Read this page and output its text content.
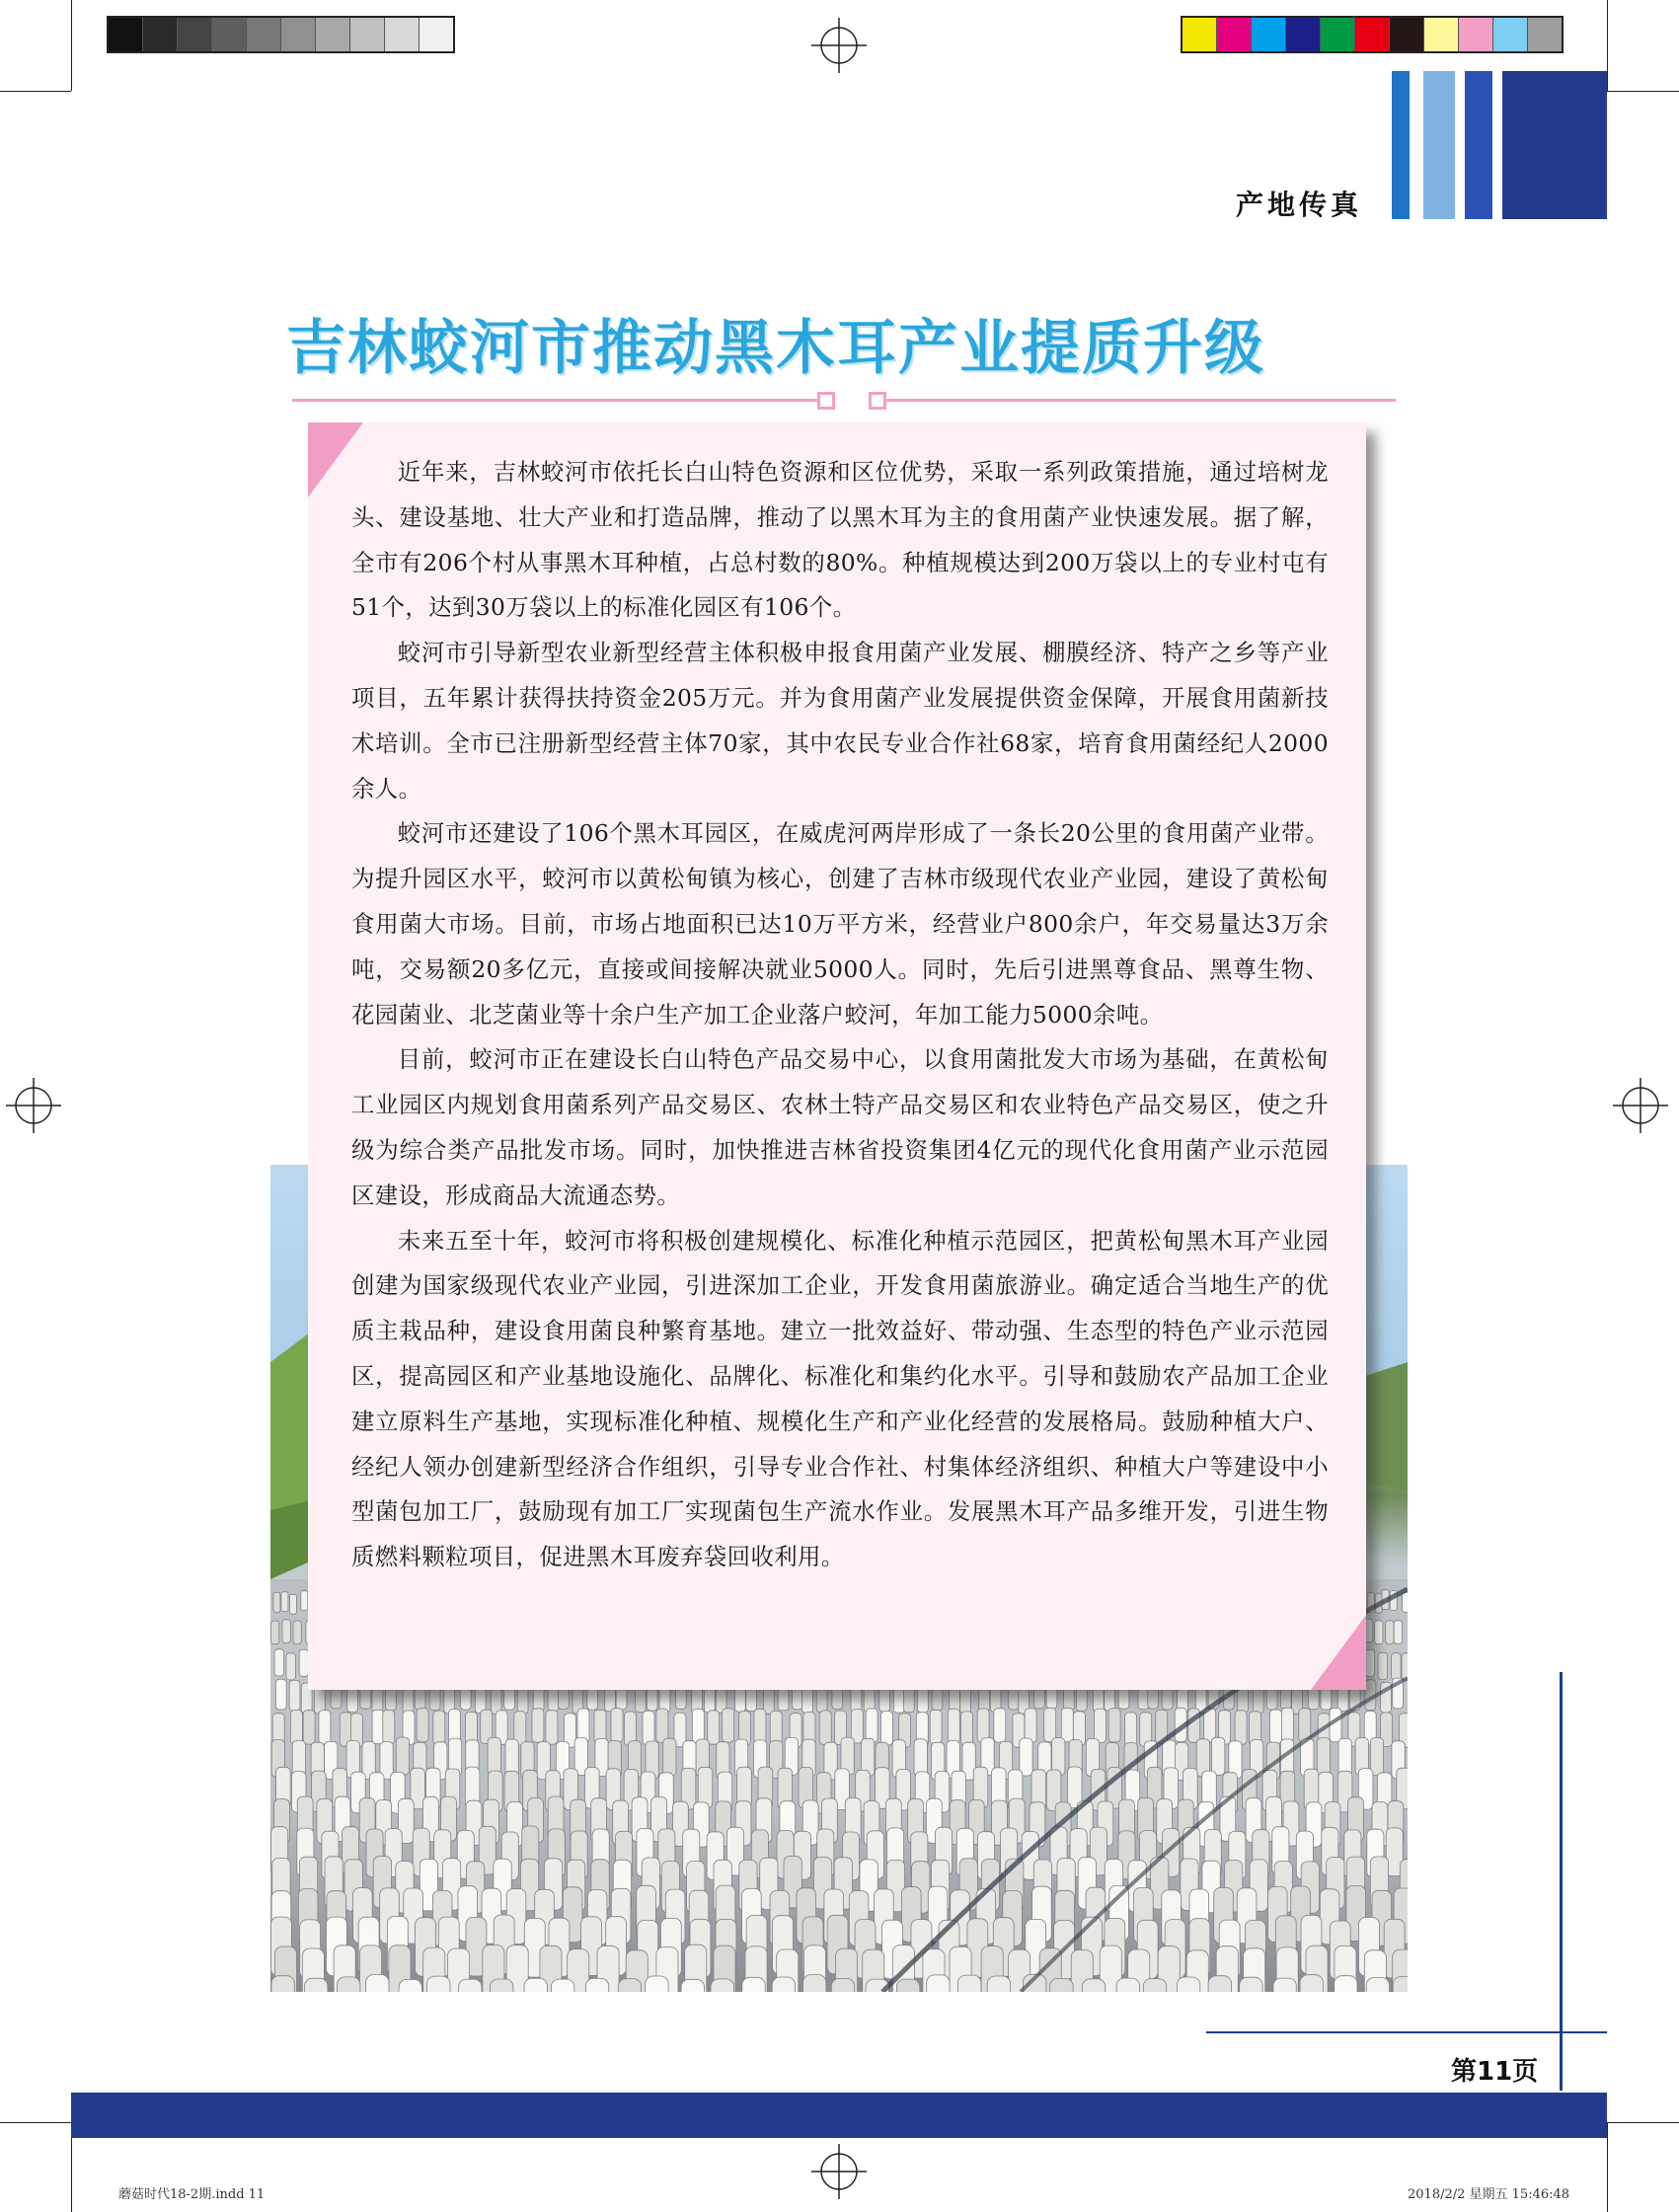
产地传真
吉林蛟河市推动黑木耳产业提质升级

近年来，吉林蛟河市依托长白山特色资源和区位优势，采取一系列政策措施，通过培树龙头、建设基地、壮大产业和打造品牌，推动了以黑木耳为主的食用菌产业快速发展。据了解，全市有206个村从事黑木耳种植，占总村数的80%。种植规模达到200万袋以上的专业村屯有51个，达到30万袋以上的标准化园区有106个。

蛟河市引导新型农业新型经营主体积极申报食用菌产业发展、棚膜经济、特产之乡等产业项目，五年累计获得扶持资金205万元。并为食用菌产业发展提供资金保障，开展食用菌新技术培训。全市已注册新型经营主体70家，其中农民专业合作社68家，培育食用菌经纪人2000余人。

蛟河市还建设了106个黑木耳园区，在威虎河两岸形成了一条长20公里的食用菌产业带。为提升园区水平，蛟河市以黄松甸镇为核心，创建了吉林市级现代农业产业园，建设了黄松甸食用菌大市场。目前，市场占地面积已达10万平方米，经营业户800余户，年交易量达3万余吨，交易额20多亿元，直接或间接解决就业5000人。同时，先后引进黑尊食品、黑尊生物、花园菌业、北芝菌业等十余户生产加工企业落户蛟河，年加工能力5000余吨。

目前，蛟河市正在建设长白山特色产品交易中心，以食用菌批发大市场为基础，在黄松甸工业园区内规划食用菌系列产品交易区、农林土特产品交易区和农业特色产品交易区，使之升级为综合类产品批发市场。同时，加快推进吉林省投资集团4亿元的现代化食用菌产业示范园区建设，形成商品大流通态势。

未来五至十年，蛟河市将积极创建规模化、标准化种植示范园区，把黄松甸黑木耳产业园创建为国家级现代农业产业园，引进深加工企业，开发食用菌旅游业。确定适合当地生产的优质主栽品种，建设食用菌良种繁育基地。建立一批效益好、带动强、生态型的特色产业示范园区，提高园区和产业基地设施化、品牌化、标准化和集约化水平。引导和鼓励农产品加工企业建立原料生产基地，实现标准化种植、规模化生产和产业化经营的发展格局。鼓励种植大户、经纪人领办创建新型经济合作组织，引导专业合作社、村集体经济组织、种植大户等建设中小型菌包加工厂，鼓励现有加工厂实现菌包生产流水作业。发展黑木耳产品多维开发，引进生物质燃料颗粒项目，促进黑木耳废弃袋回收利用。

第11页
蘑菇时代18-2期.indd 11	2018/2/2 星期五 15:46:48
